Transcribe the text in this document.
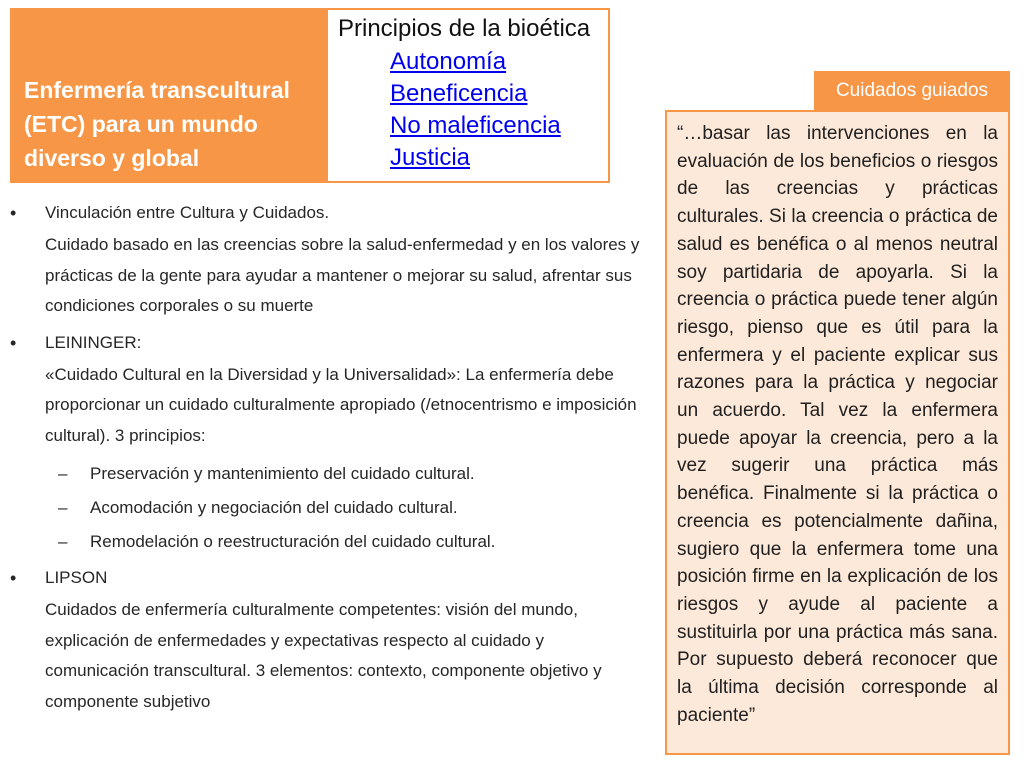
Enfermería transcultural (ETC) para un mundo diverso y global
Principios de la bioética
Autonomía
Beneficencia
No maleficencia
Justicia
Cuidados guiados

“…basar las intervenciones en la evaluación de los beneficios o riesgos de las creencias y prácticas culturales. Si la creencia o práctica de salud es benéfica o al menos neutral soy partidaria de apoyarla. Si la creencia o práctica puede tener algún riesgo, pienso que es útil para la enfermera y el paciente explicar sus razones para la práctica y negociar un acuerdo. Tal vez la enfermera puede apoyar la creencia, pero a la vez sugerir una práctica más benéfica. Finalmente si la práctica o creencia es potencialmente dañina, sugiero que la enfermera tome una posición firme en la explicación de los riesgos y ayude al paciente a sustituirla por una práctica más sana. Por supuesto deberá reconocer que la última decisión corresponde al paciente”

• Vinculación entre Cultura y Cuidados.
Cuidado basado en las creencias sobre la salud-enfermedad y en los valores y prácticas de la gente para ayudar a mantener o mejorar su salud, afrentar sus condiciones corporales o su muerte
• LEININGER:
«Cuidado Cultural en la Diversidad y la Universalidad»: La enfermería debe proporcionar un cuidado culturalmente apropiado (/etnocentrismo e imposición cultural). 3 principios:
– Preservación y mantenimiento del cuidado cultural.
– Acomodación y negociación del cuidado cultural.
– Remodelación o reestructuración del cuidado cultural.
• LIPSON
Cuidados de enfermería culturalmente competentes: visión del mundo, explicación de enfermedades y expectativas respecto al cuidado y comunicación transcultural. 3 elementos: contexto, componente objetivo y componente subjetivo
